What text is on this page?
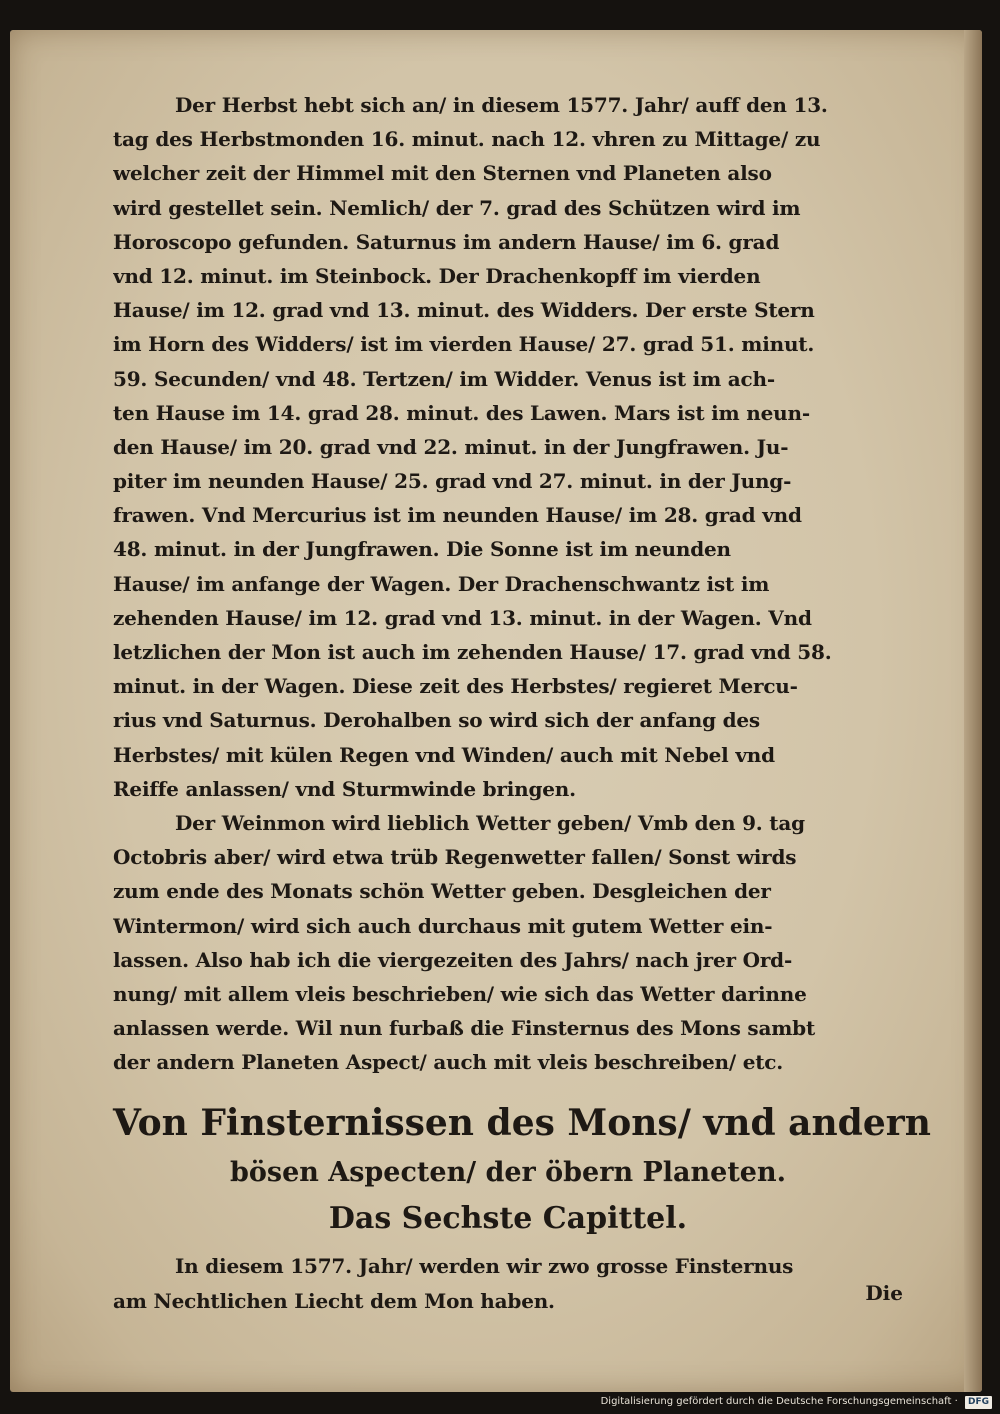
Der Herbst hebt sich an/ in diesem 1577. Jahr/ auff den 13.
tag des Herbstmonden 16. minut. nach 12. vhren zu Mittage/ zu
welcher zeit der Himmel mit den Sternen vnd Planeten also
wird gestellet sein. Nemlich/ der 7. grad des Schützen wird im
Horoscopo gefunden. Saturnus im andern Hause/ im 6. grad
vnd 12. minut. im Steinbock. Der Drachenkopff im vierden
Hause/ im 12. grad vnd 13. minut. des Widders. Der erste Stern
im Horn des Widders/ ist im vierden Hause/ 27. grad 51. minut.
59. Secunden/ vnd 48. Tertzen/ im Widder. Venus ist im ach-
ten Hause im 14. grad 28. minut. des Lawen. Mars ist im neun-
den Hause/ im 20. grad vnd 22. minut. in der Jungfrawen. Ju-
piter im neunden Hause/ 25. grad vnd 27. minut. in der Jung-
frawen. Vnd Mercurius ist im neunden Hause/ im 28. grad vnd
48. minut. in der Jungfrawen. Die Sonne ist im neunden
Hause/ im anfange der Wagen. Der Drachenschwantz ist im
zehenden Hause/ im 12. grad vnd 13. minut. in der Wagen. Vnd
letzlichen der Mon ist auch im zehenden Hause/ 17. grad vnd 58.
minut. in der Wagen. Diese zeit des Herbstes/ regieret Mercu-
rius vnd Saturnus. Derohalben so wird sich der anfang des
Herbstes/ mit külen Regen vnd Winden/ auch mit Nebel vnd
Reiffe anlassen/ vnd Sturmwinde bringen.
Der Weinmon wird lieblich Wetter geben/ Vmb den 9. tag
Octobris aber/ wird etwa trüb Regenwetter fallen/ Sonst wirds
zum ende des Monats schön Wetter geben. Desgleichen der
Wintermon/ wird sich auch durchaus mit gutem Wetter ein-
lassen. Also hab ich die viergezeiten des Jahrs/ nach jrer Ord-
nung/ mit allem vleis beschrieben/ wie sich das Wetter darinne
anlassen werde. Wil nun furbaß die Finsternus des Mons sambt
der andern Planeten Aspect/ auch mit vleis beschreiben/ etc.
Von Finsternissen des Mons/ vnd andern
bösen Aspecten/ der öbern Planeten.
Das Sechste Capittel.
In diesem 1577. Jahr/ werden wir zwo grosse Finsternus
am Nechtlichen Liecht dem Mon haben.	Die
Digitalisierung gefördert durch die Deutsche Forschungsgemeinschaft · DFG
